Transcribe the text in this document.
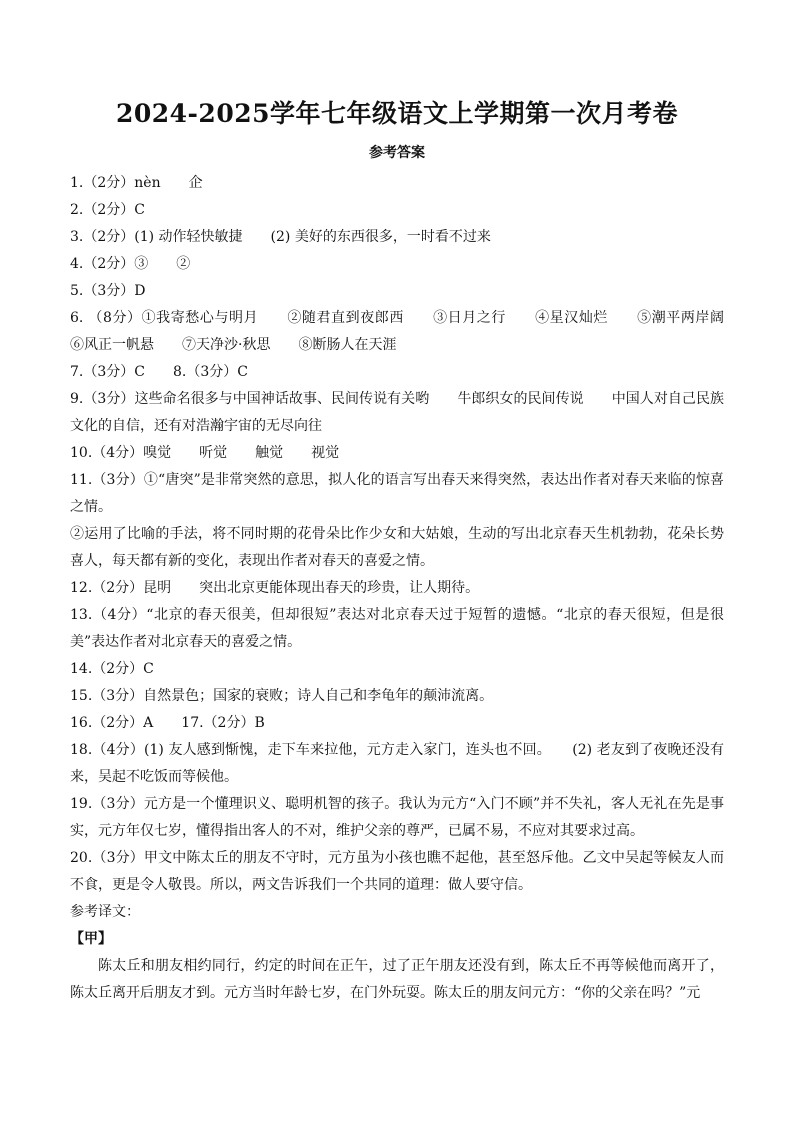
2024-2025学年七年级语文上学期第一次月考卷
参考答案
1.（2分）nèn　　企
2.（2分）C
3.（2分）(1) 动作轻快敏捷　　(2) 美好的东西很多，一时看不过来
4.（2分）③　　②
5.（3分）D
6. （8分）①我寄愁心与明月　　②随君直到夜郎西　　③日月之行　　④星汉灿烂　　⑤潮平两岸阔　　⑥风正一帆悬　　⑦天净沙·秋思　　⑧断肠人在天涯
7.（3分）C　　8.（3分）C
9.（3分）这些命名很多与中国神话故事、民间传说有关哟　　牛郎织女的民间传说　　中国人对自己民族文化的自信，还有对浩瀚宇宙的无尽向往
10.（4分）嗅觉　　听觉　　触觉　　视觉
11.（3分）①“唐突”是非常突然的意思，拟人化的语言写出春天来得突然，表达出作者对春天来临的惊喜之情。
②运用了比喻的手法，将不同时期的花骨朵比作少女和大姑娘，生动的写出北京春天生机勃勃，花朵长势喜人，每天都有新的变化，表现出作者对春天的喜爱之情。
12.（2分）昆明　　突出北京更能体现出春天的珍贵，让人期待。
13.（4分）“北京的春天很美，但却很短”表达对北京春天过于短暂的遗憾。“北京的春天很短，但是很美”表达作者对北京春天的喜爱之情。
14.（2分）C
15.（3分）自然景色；国家的衰败；诗人自己和李龟年的颠沛流离。
16.（2分）A　　17.（2分）B
18.（4分）(1) 友人感到惭愧，走下车来拉他，元方走入家门，连头也不回。　　(2) 老友到了夜晚还没有来，吴起不吃饭而等候他。
19.（3分）元方是一个懂理识义、聪明机智的孩子。我认为元方“入门不顾”并不失礼，客人无礼在先是事实，元方年仅七岁，懂得指出客人的不对，维护父亲的尊严，已属不易，不应对其要求过高。
20.（3分）甲文中陈太丘的朋友不守时，元方虽为小孩也瞧不起他，甚至怒斥他。乙文中吴起等候友人而不食，更是令人敬畏。所以，两文告诉我们一个共同的道理：做人要守信。
参考译文：
【甲】
陈太丘和朋友相约同行，约定的时间在正午，过了正午朋友还没有到，陈太丘不再等候他而离开了，陈太丘离开后朋友才到。元方当时年龄七岁，在门外玩耍。陈太丘的朋友问元方：“你的父亲在吗？”元
